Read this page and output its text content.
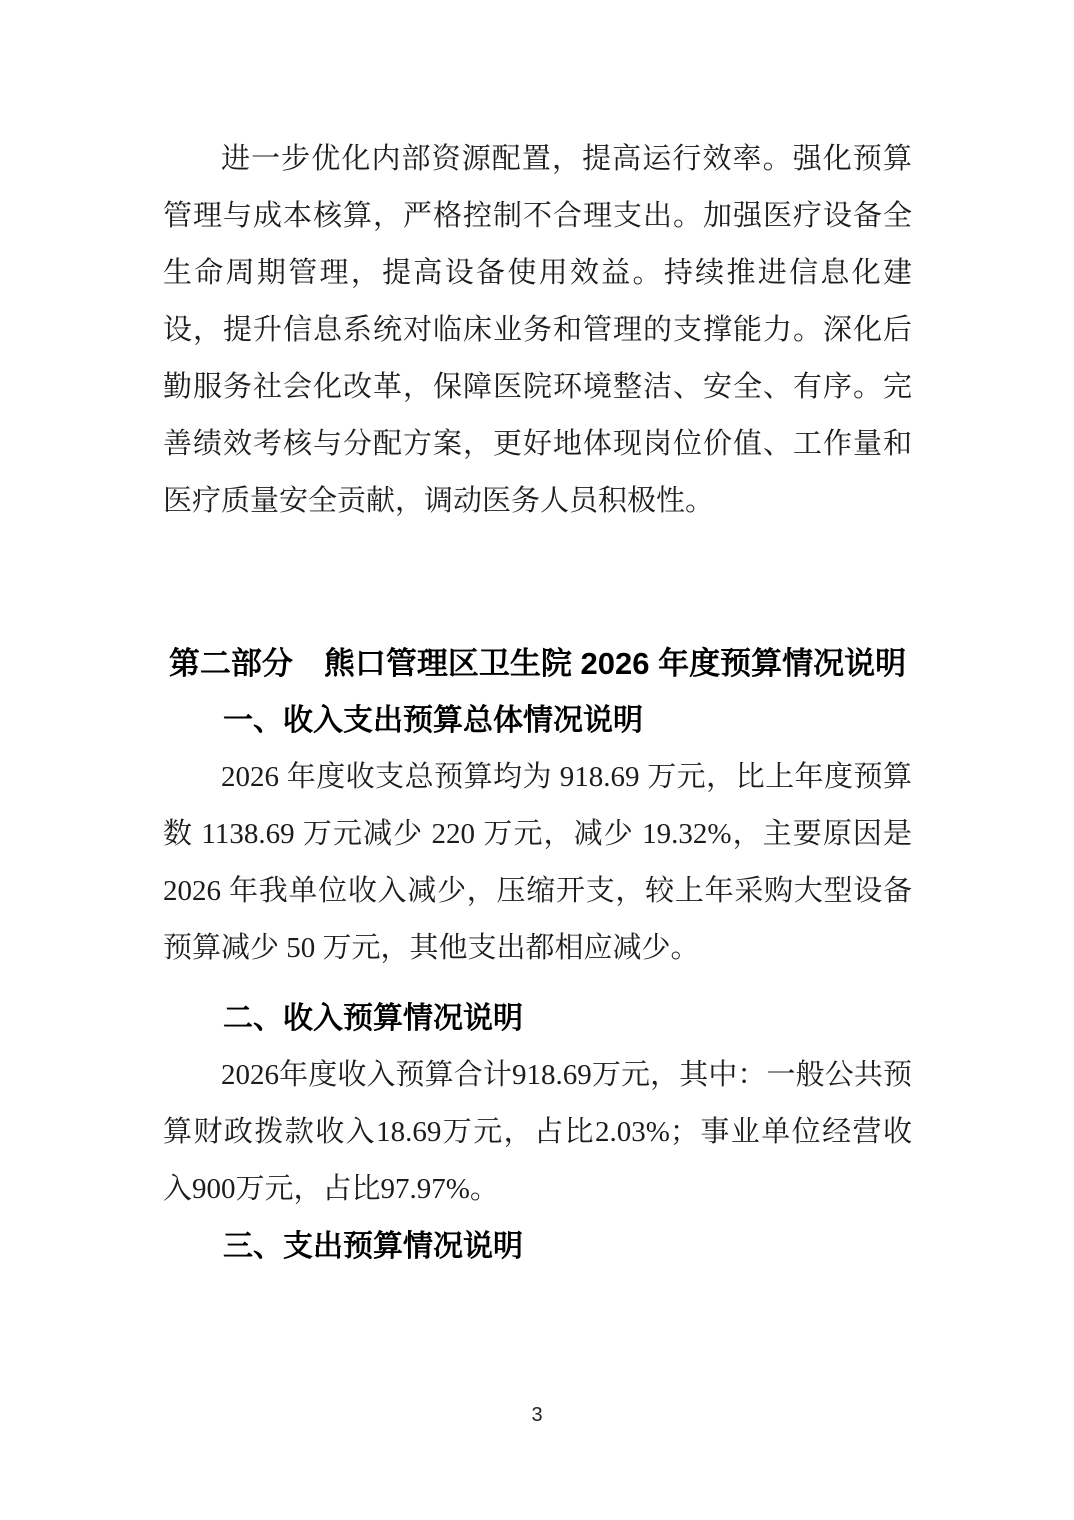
进一步优化内部资源配置，提高运行效率。强化预算管理与成本核算，严格控制不合理支出。加强医疗设备全生命周期管理，提高设备使用效益。持续推进信息化建设，提升信息系统对临床业务和管理的支撑能力。深化后勤服务社会化改革，保障医院环境整洁、安全、有序。完善绩效考核与分配方案，更好地体现岗位价值、工作量和医疗质量安全贡献，调动医务人员积极性。

第二部分　熊口管理区卫生院 2026 年度预算情况说明
一、收入支出预算总体情况说明

2026 年度收支总预算均为 918.69 万元，比上年度预算数 1138.69 万元减少 220 万元，减少 19.32%，主要原因是 2026 年我单位收入减少，压缩开支，较上年采购大型设备预算减少 50 万元，其他支出都相应减少。

二、收入预算情况说明

2026年度收入预算合计918.69万元，其中：一般公共预算财政拨款收入18.69万元，占比2.03%；事业单位经营收入900万元，占比97.97%。

三、支出预算情况说明
3
